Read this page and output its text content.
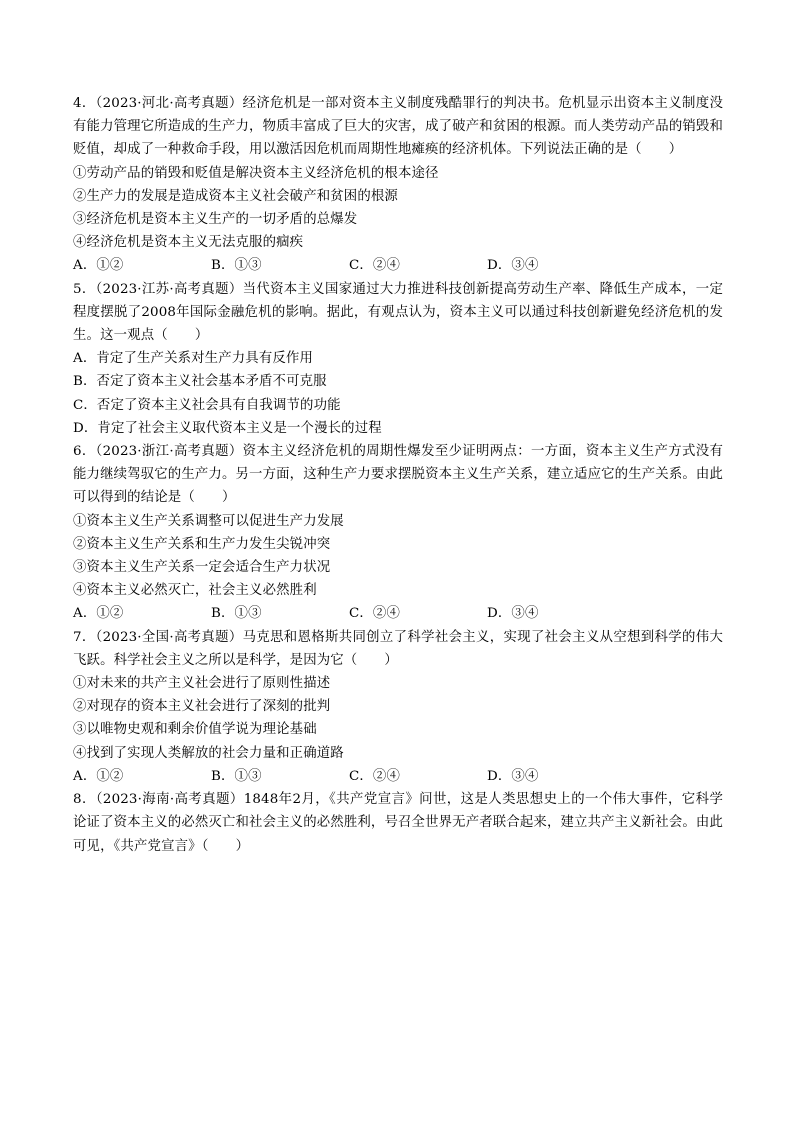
4．（2023·河北·高考真题）经济危机是一部对资本主义制度残酷罪行的判决书。危机显示出资本主义制度没有能力管理它所造成的生产力，物质丰富成了巨大的灾害，成了破产和贫困的根源。而人类劳动产品的销毁和贬值，却成了一种救命手段，用以激活因危机而周期性地瘫痪的经济机体。下列说法正确的是（　　）

①劳动产品的销毁和贬值是解决资本主义经济危机的根本途径

②生产力的发展是造成资本主义社会破产和贫困的根源

③经济危机是资本主义生产的一切矛盾的总爆发

④经济危机是资本主义无法克服的痼疾

A．①②	B．①③	C．②④	D．③④

5．（2023·江苏·高考真题）当代资本主义国家通过大力推进科技创新提高劳动生产率、降低生产成本，一定程度摆脱了2008年国际金融危机的影响。据此，有观点认为，资本主义可以通过科技创新避免经济危机的发生。这一观点（　　）

A．肯定了生产关系对生产力具有反作用

B．否定了资本主义社会基本矛盾不可克服

C．否定了资本主义社会具有自我调节的功能

D．肯定了社会主义取代资本主义是一个漫长的过程

6．（2023·浙江·高考真题）资本主义经济危机的周期性爆发至少证明两点：一方面，资本主义生产方式没有能力继续驾驭它的生产力。另一方面，这种生产力要求摆脱资本主义生产关系，建立适应它的生产关系。由此可以得到的结论是（　　）

①资本主义生产关系调整可以促进生产力发展

②资本主义生产关系和生产力发生尖锐冲突

③资本主义生产关系一定会适合生产力状况

④资本主义必然灭亡，社会主义必然胜利

A．①②	B．①③	C．②④	D．③④

7．（2023·全国·高考真题）马克思和恩格斯共同创立了科学社会主义，实现了社会主义从空想到科学的伟大飞跃。科学社会主义之所以是科学，是因为它（　　）

①对未来的共产主义社会进行了原则性描述

②对现存的资本主义社会进行了深刻的批判

③以唯物史观和剩余价值学说为理论基础

④找到了实现人类解放的社会力量和正确道路

A．①②	B．①③	C．②④	D．③④

8．（2023·海南·高考真题）1848年2月，《共产党宣言》问世，这是人类思想史上的一个伟大事件，它科学论证了资本主义的必然灭亡和社会主义的必然胜利，号召全世界无产者联合起来，建立共产主义新社会。由此可见，《共产党宣言》（　　）
